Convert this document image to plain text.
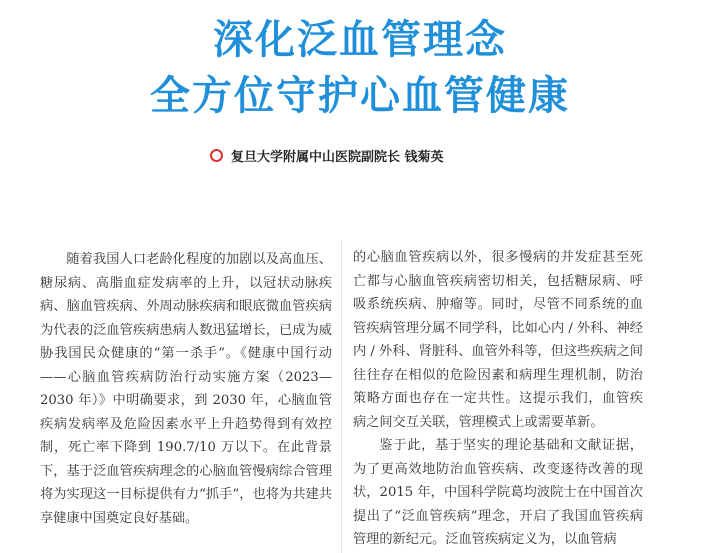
深化泛血管理念
全方位守护心血管健康
复旦大学附属中山医院副院长 钱菊英

随着我国人口老龄化程度的加剧以及高血压、糖尿病、高脂血症发病率的上升，以冠状动脉疾病、脑血管疾病、外周动脉疾病和眼底微血管疾病为代表的泛血管疾病患病人数迅猛增长，已成为威胁我国民众健康的“第一杀手”。《健康中国行动——心脑血管疾病防治行动实施方案（2023—2030 年）》中明确要求，到 2030 年，心脑血管疾病发病率及危险因素水平上升趋势得到有效控制，死亡率下降到 190.7/10 万以下。在此背景下，基于泛血管疾病理念的心脑血管慢病综合管理将为实现这一目标提供有力“抓手”，也将为共建共享健康中国奠定良好基础。

的心脑血管疾病以外，很多慢病的并发症甚至死亡都与心脑血管疾病密切相关，包括糖尿病、呼吸系统疾病、肿瘤等。同时，尽管不同系统的血管疾病管理分属不同学科，比如心内 / 外科、神经内 / 外科、肾脏科、血管外科等，但这些疾病之间往往存在相似的危险因素和病理生理机制，防治策略方面也存在一定共性。这提示我们，血管疾病之间交互关联，管理模式上或需要革新。

鉴于此，基于坚实的理论基础和文献证据，为了更高效地防治血管疾病、改变逐待改善的现状，2015 年，中国科学院葛均波院士在中国首次提出了“泛血管疾病”理念，开启了我国血管疾病管理的新纪元。泛血管疾病定义为，以血管病
